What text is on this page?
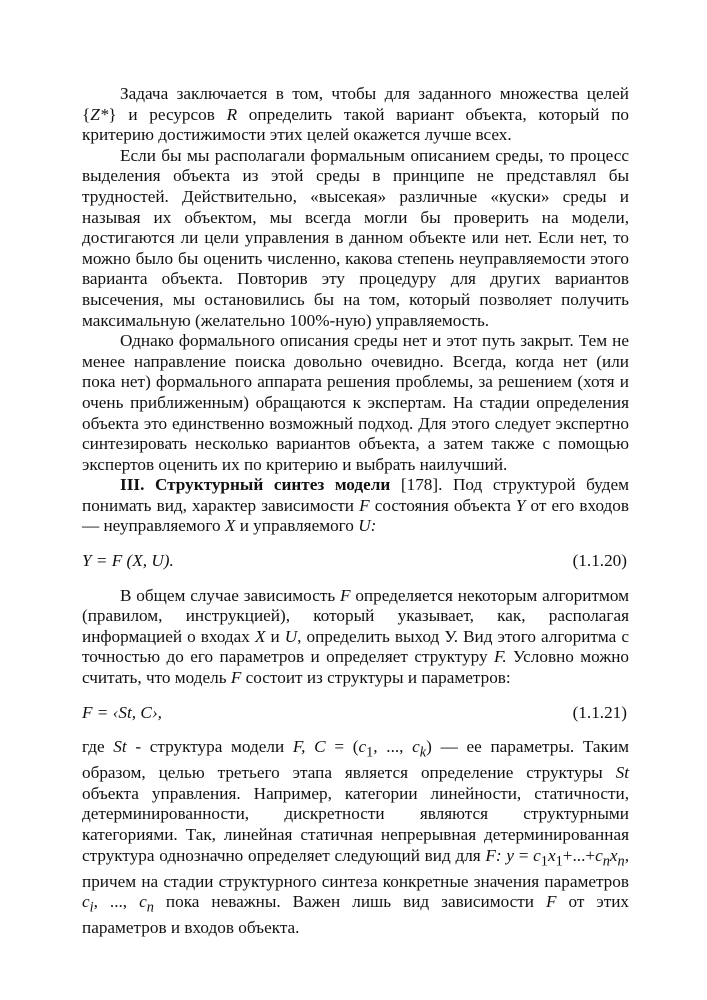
Задача заключается в том, чтобы для заданного множества целей {Z*} и ресурсов R определить такой вариант объекта, который по критерию достижимости этих целей окажется лучше всех.

Если бы мы располагали формальным описанием среды, то процесс выделения объекта из этой среды в принципе не представлял бы трудностей. Действительно, «высекая» различные «куски» среды и называя их объектом, мы всегда могли бы проверить на модели, достигаются ли цели управления в данном объекте или нет. Если нет, то можно было бы оценить численно, какова степень неуправляемости этого варианта объекта. Повторив эту процедуру для других вариантов высечения, мы остановились бы на том, который позволяет получить максимальную (желательно 100%-ную) управляемость.

Однако формального описания среды нет и этот путь закрыт. Тем не менее направление поиска довольно очевидно. Всегда, когда нет (или пока нет) формального аппарата решения проблемы, за решением (хотя и очень приближенным) обращаются к экспертам. На стадии определения объекта это единственно возможный подход. Для этого следует экспертно синтезировать несколько вариантов объекта, а затем также с помощью экспертов оценить их по критерию и выбрать наилучший.

III. Структурный синтез модели [178]. Под структурой будем понимать вид, характер зависимости F состояния объекта Y от его входов — неуправляемого X и управляемого U:

Y = F (X, U).	(1.1.20)

В общем случае зависимость F определяется некоторым алгоритмом (правилом, инструкцией), который указывает, как, располагая информацией о входах X и U, определить выход У. Вид этого алгоритма с точностью до его параметров и определяет структуру F. Условно можно считать, что модель F состоит из структуры и параметров:

F = ‹St, C›,	(1.1.21)

где St - структура модели F, $C = (c_1$, ..., $c_k$) — ее параметры. Таким образом, целью третьего этапа является определение структуры St объекта управления. Например, категории линейности, статичности, детерминированности, дискретности являются структурными категориями. Так, линейная статичная непрерывная детерминированная структура однозначно определяет следующий вид для F: $y = c_1x_1+...+c_nx_n$, причем на стадии структурного синтеза конкретные значения параметров $c_i$, ..., $c_n$ пока неважны. Важен лишь вид зависимости F от этих параметров и входов объекта.
